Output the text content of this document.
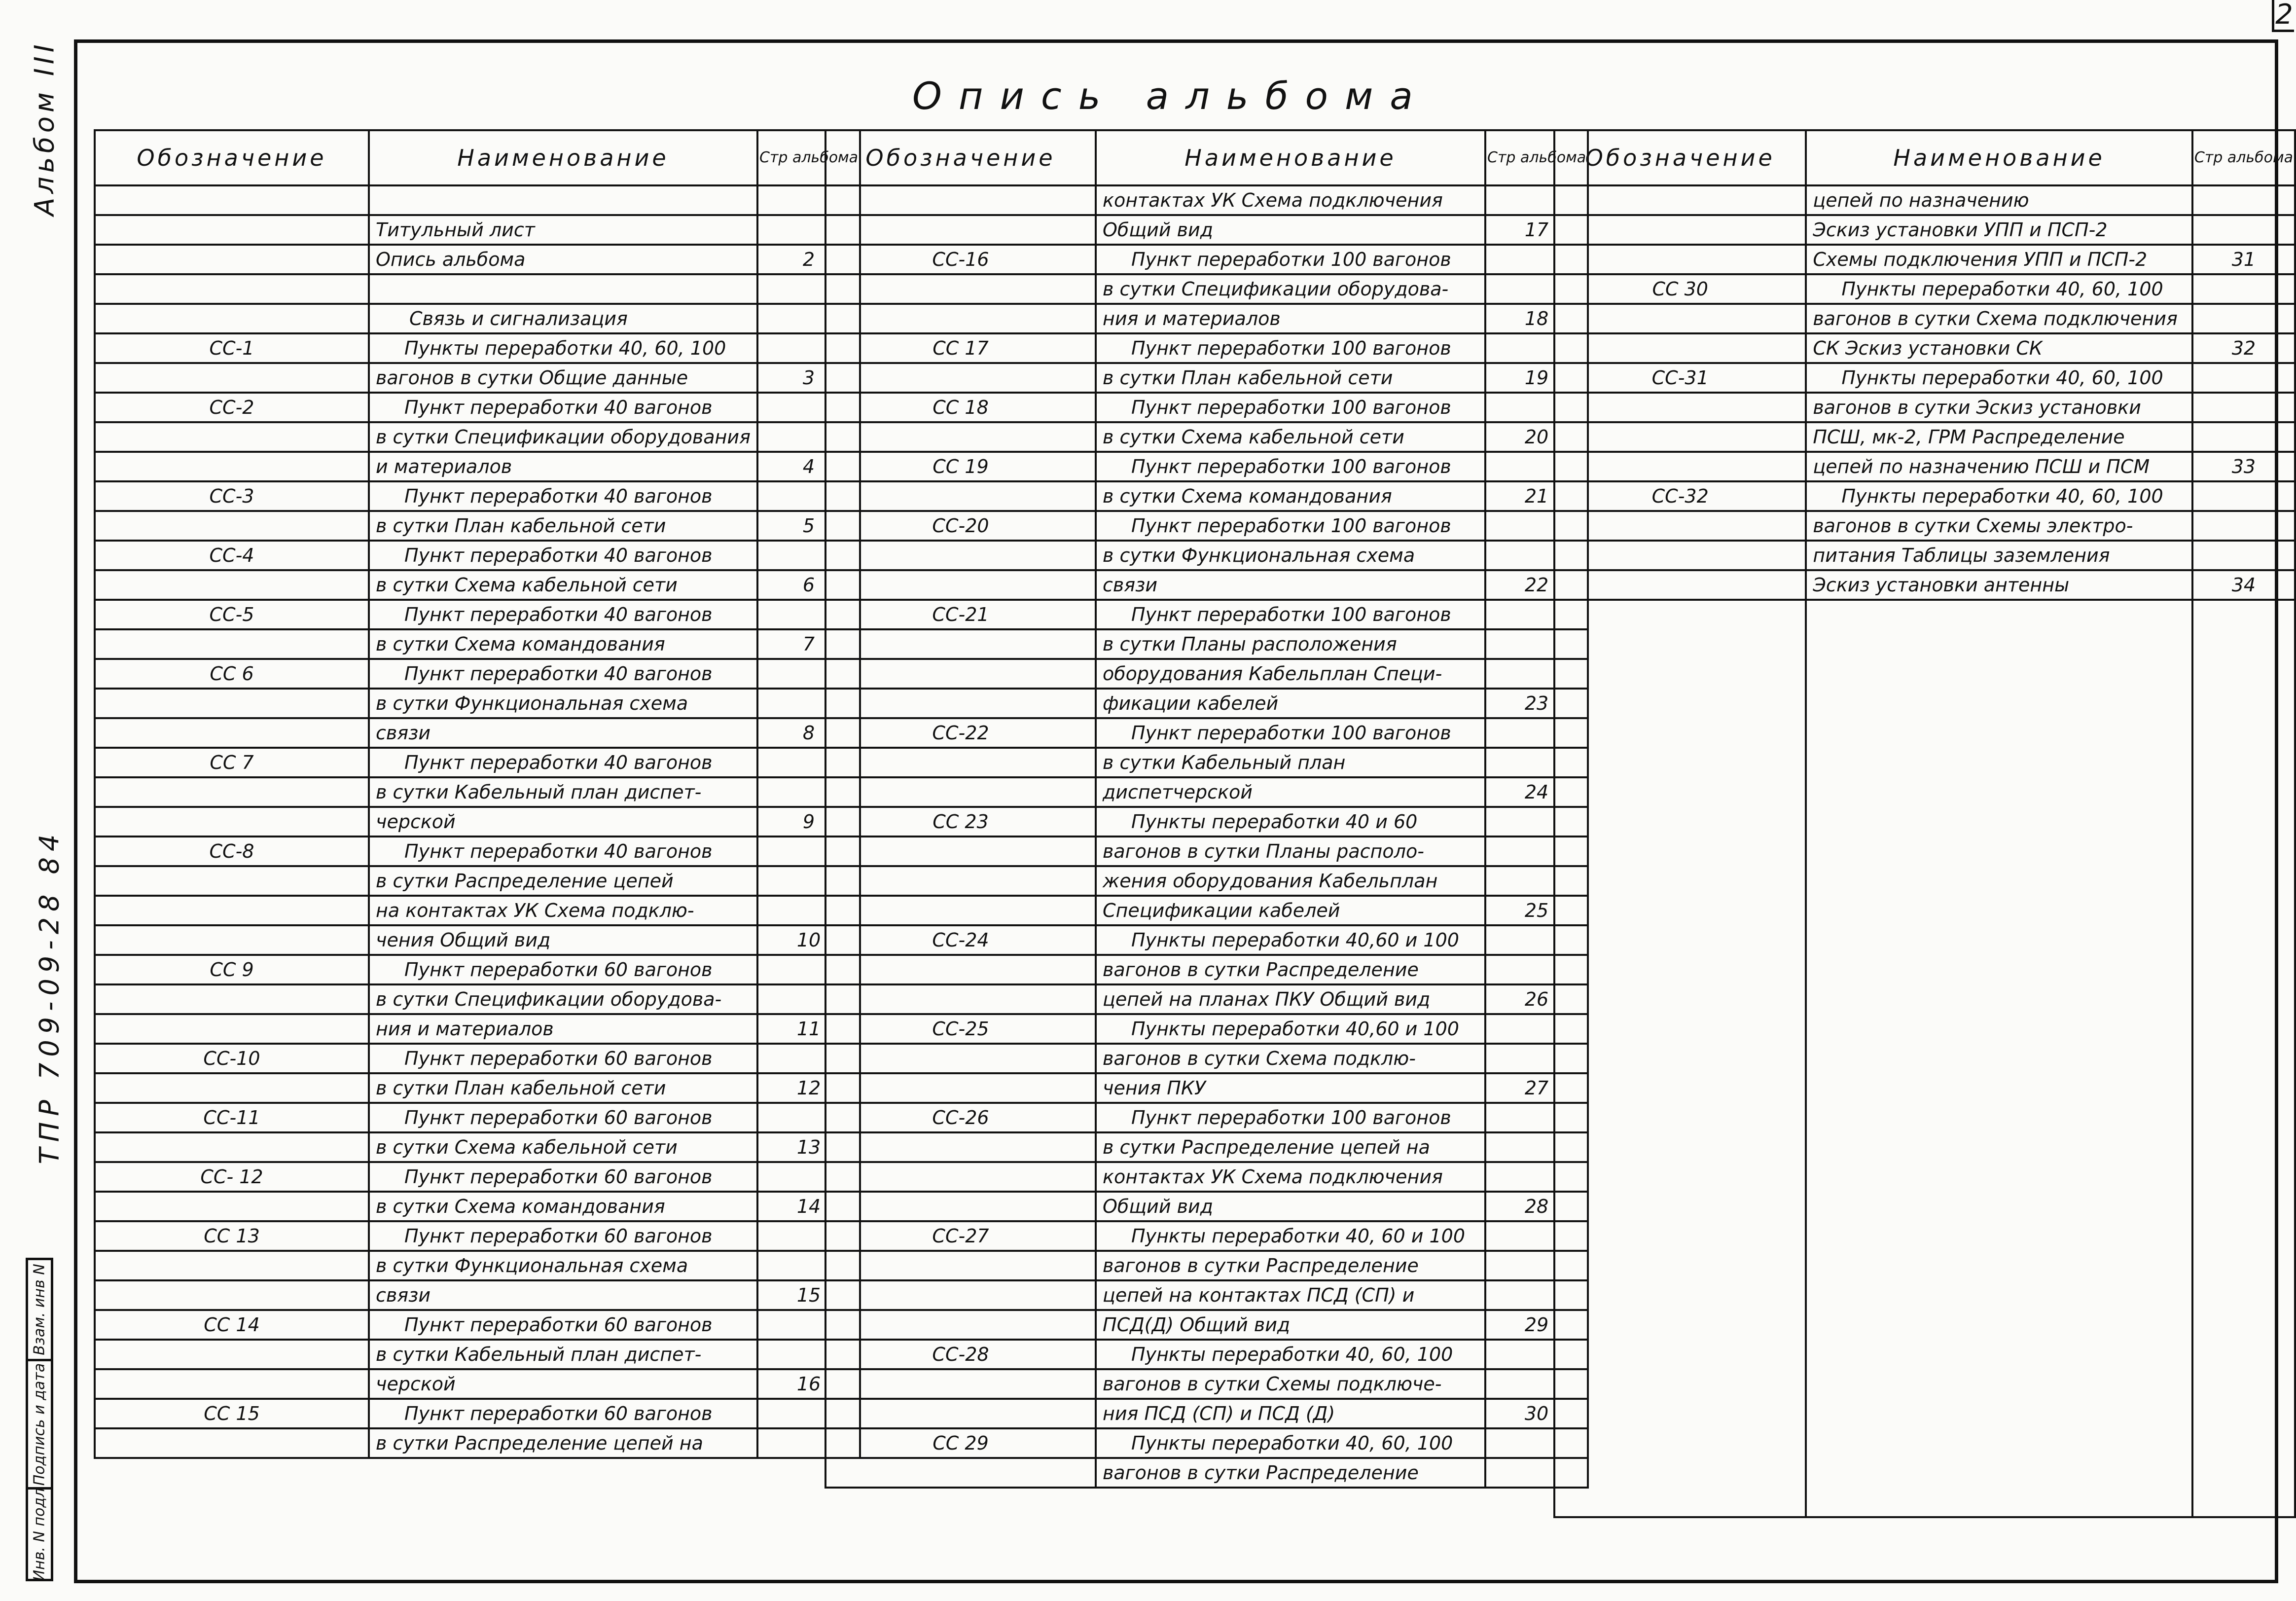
2
Опись альбома
Альбом III
ТПР 709-09-28 84
Взам. инв N
Подпись и дата
Инв. N подл
Обозначение	Наименование	Стр альбома

	Титульный лист	
	Опись альбома	2

	Связь и сигнализация	
СС-1	Пункты переработки 40, 60, 100	
	вагонов в сутки Общие данные	3
СС-2	Пункт переработки 40 вагонов	
	в сутки Спецификации оборудования	
	и материалов	4
СС-3	Пункт переработки 40 вагонов	
	в сутки План кабельной сети	5
СС-4	Пункт переработки 40 вагонов	
	в сутки Схема кабельной сети	6
СС-5	Пункт переработки 40 вагонов	
	в сутки Схема командования	7
СС 6	Пункт переработки 40 вагонов	
	в сутки Функциональная схема	
	связи	8
СС 7	Пункт переработки 40 вагонов	
	в сутки Кабельный план диспет-	
	черской	9
СС-8	Пункт переработки 40 вагонов	
	в сутки Распределение цепей	
	на контактах УК Схема подклю-	
	чения Общий вид	10
СС 9	Пункт переработки 60 вагонов	
	в сутки Спецификации оборудова-	
	ния и материалов	11
СС-10	Пункт переработки 60 вагонов	
	в сутки План кабельной сети	12
СС-11	Пункт переработки 60 вагонов	
	в сутки Схема кабельной сети	13
СС- 12	Пункт переработки 60 вагонов	
	в сутки Схема командования	14
СС 13	Пункт переработки 60 вагонов	
	в сутки Функциональная схема	
	связи	15
СС 14	Пункт переработки 60 вагонов	
	в сутки Кабельный план диспет-	
	черской	16
СС 15	Пункт переработки 60 вагонов	
	в сутки Распределение цепей на	
Обозначение	Наименование	Стр альбома
	контактах УК Схема подключения	
	Общий вид	17
СС-16	Пункт переработки 100 вагонов	
	в сутки Спецификации оборудова-	
	ния и материалов	18
СС 17	Пункт переработки 100 вагонов	
	в сутки План кабельной сети	19
СС 18	Пункт переработки 100 вагонов	
	в сутки Схема кабельной сети	20
СС 19	Пункт переработки 100 вагонов	
	в сутки Схема командования	21
СС-20	Пункт переработки 100 вагонов	
	в сутки Функциональная схема	
	связи	22
СС-21	Пункт переработки 100 вагонов	
	в сутки Планы расположения	
	оборудования Кабельплан Специ-	
	фикации кабелей	23
СС-22	Пункт переработки 100 вагонов	
	в сутки Кабельный план	
	диспетчерской	24
СС 23	Пункты переработки 40 и 60	
	вагонов в сутки Планы располо-	
	жения оборудования Кабельплан	
	Спецификации кабелей	25
СС-24	Пункты переработки 40,60 и 100	
	вагонов в сутки Распределение	
	цепей на планах ПКУ Общий вид	26
СС-25	Пункты переработки 40,60 и 100	
	вагонов в сутки Схема подклю-	
	чения ПКУ	27
СС-26	Пункт переработки 100 вагонов	
	в сутки Распределение цепей на	
	контактах УК Схема подключения	
	Общий вид	28
СС-27	Пункты переработки 40, 60 и 100	
	вагонов в сутки Распределение	
	цепей на контактах ПСД (СП) и	
	ПСД(Д) Общий вид	29
СС-28	Пункты переработки 40, 60, 100	
	вагонов в сутки Схемы подключе-	
	ния ПСД (СП) и ПСД (Д)	30
СС 29	Пункты переработки 40, 60, 100	
	вагонов в сутки Распределение	
Обозначение	Наименование	Стр альбома
	цепей по назначению	
	Эскиз установки УПП и ПСП-2	
	Схемы подключения УПП и ПСП-2	31
СС 30	Пункты переработки 40, 60, 100	
	вагонов в сутки Схема подключения	
	СК Эскиз установки СК	32
СС-31	Пункты переработки 40, 60, 100	
	вагонов в сутки Эскиз установки	
	ПСШ, мк-2, ГРМ Распределение	
	цепей по назначению ПСШ и ПСМ	33
СС-32	Пункты переработки 40, 60, 100	
	вагонов в сутки Схемы электро-	
	питания Таблицы заземления	
	Эскиз установки антенны	34
